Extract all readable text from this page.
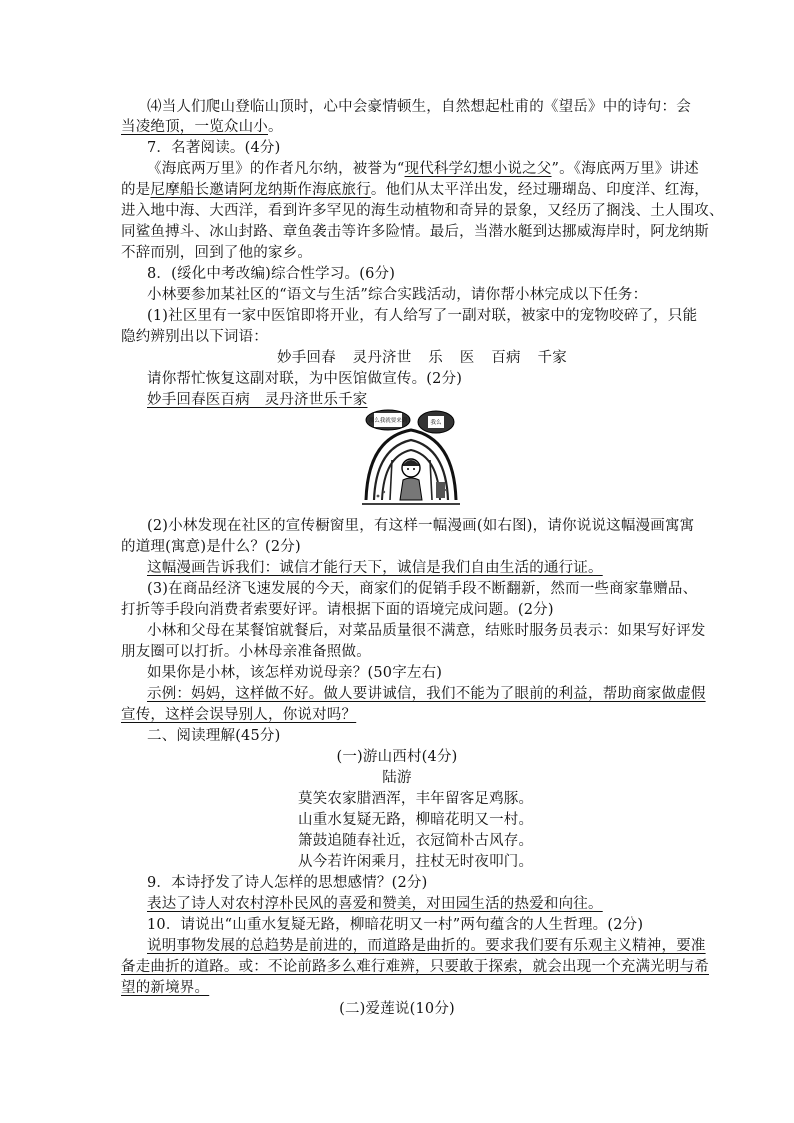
⑷当人们爬山登临山顶时，心中会豪情顿生，自然想起杜甫的《望岳》中的诗句：会
当凌绝顶，一览众山小。
7．名著阅读。(4分)
《海底两万里》的作者凡尔纳，被誉为“现代科学幻想小说之父”。《海底两万里》讲述
的是尼摩船长邀请阿龙纳斯作海底旅行。他们从太平洋出发，经过珊瑚岛、印度洋、红海，
进入地中海、大西洋，看到许多罕见的海生动植物和奇异的景象，又经历了搁浅、土人围攻、
同鲨鱼搏斗、冰山封路、章鱼袭击等许多险情。最后，当潜水艇到达挪威海岸时，阿龙纳斯
不辞而别，回到了他的家乡。
8．(绥化中考改编)综合性学习。(6分)
小林要参加某社区的“语文与生活”综合实践活动，请你帮小林完成以下任务：
(1)社区里有一家中医馆即将开业，有人给写了一副对联，被家中的宠物咬碎了，只能
隐约辨别出以下词语：
妙手回春 灵丹济世 乐 医 百病 千家
请你帮忙恢复这副对联，为中医馆做宣传。(2分)
妙手回春医百病　灵丹济世乐千家
那么我就要来到	我么
(2)小林发现在社区的宣传橱窗里，有这样一幅漫画(如右图)，请你说说这幅漫画寓寓
的道理(寓意)是什么？(2分)
这幅漫画告诉我们：诚信才能行天下，诚信是我们自由生活的通行证。
(3)在商品经济飞速发展的今天，商家们的促销手段不断翻新，然而一些商家靠赠品、
打折等手段向消费者索要好评。请根据下面的语境完成问题。(2分)
小林和父母在某餐馆就餐后，对菜品质量很不满意，结账时服务员表示：如果写好评发
朋友圈可以打折。小林母亲准备照做。
如果你是小林，该怎样劝说母亲？(50字左右)
示例：妈妈，这样做不好。做人要讲诚信，我们不能为了眼前的利益，帮助商家做虚假
宣传，这样会误导别人，你说对吗？
二、阅读理解(45分)
(一)游山西村(4分)
陆游
莫笑农家腊酒浑，丰年留客足鸡豚。
山重水复疑无路，柳暗花明又一村。
箫鼓追随春社近，衣冠简朴古风存。
从今若许闲乘月，拄杖无时夜叩门。
9．本诗抒发了诗人怎样的思想感情？(2分)
表达了诗人对农村淳朴民风的喜爱和赞美，对田园生活的热爱和向往。
10．请说出“山重水复疑无路，柳暗花明又一村”两句蕴含的人生哲理。(2分)
说明事物发展的总趋势是前进的，而道路是曲折的。要求我们要有乐观主义精神，要准
备走曲折的道路。或：不论前路多么难行难辨，只要敢于探索，就会出现一个充满光明与希
望的新境界。
(二)爱莲说(10分)
